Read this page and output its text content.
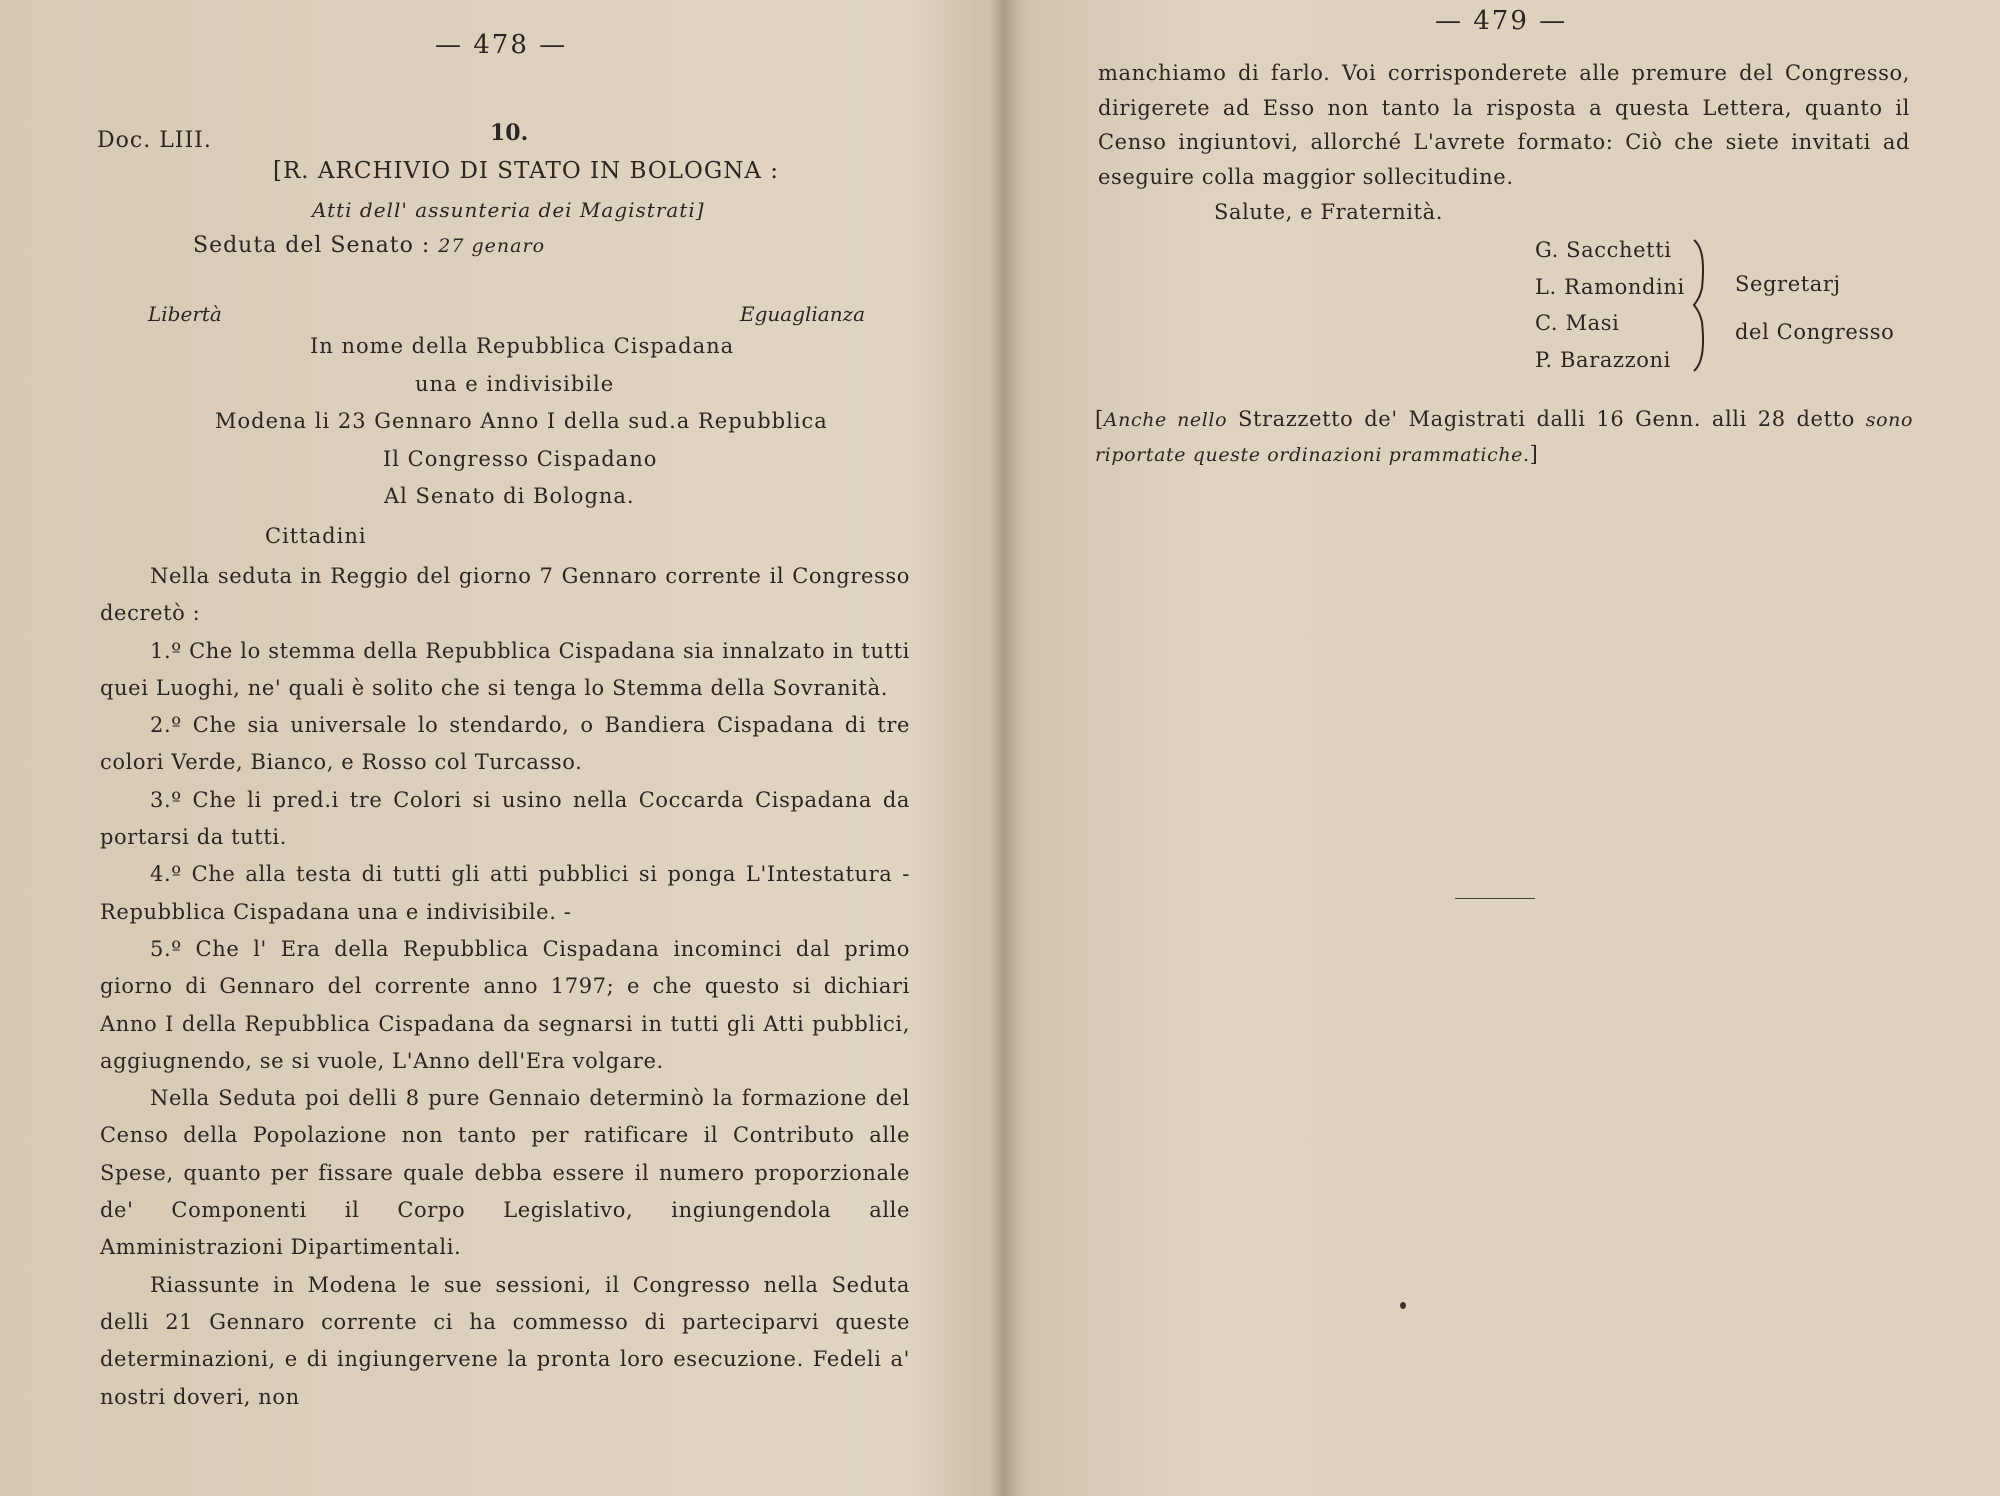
— 478 —
Doc. LIII.	10.
[R. ARCHIVIO DI STATO IN BOLOGNA :
Atti dell' assunteria dei Magistrati]
Seduta del Senato : 27 genaro
Libertà	Eguaglianza
In nome della Repubblica Cispadana
una e indivisibile
Modena li 23 Gennaro Anno I della sud.a Repubblica
Il Congresso Cispadano
Al Senato di Bologna.
Cittadini

Nella seduta in Reggio del giorno 7 Gennaro corrente il Congresso decretò :

1.º Che lo stemma della Repubblica Cispadana sia innalzato in tutti quei Luoghi, ne' quali è solito che si tenga lo Stemma della Sovranità.

2.º Che sia universale lo stendardo, o Bandiera Cispadana di tre colori Verde, Bianco, e Rosso col Turcasso.

3.º Che li pred.i tre Colori si usino nella Coccarda Cispadana da portarsi da tutti.

4.º Che alla testa di tutti gli atti pubblici si ponga L'Intestatura - Repubblica Cispadana una e indivisibile. -

5.º Che l' Era della Repubblica Cispadana incominci dal primo giorno di Gennaro del corrente anno 1797; e che questo si dichiari Anno I della Repubblica Cispadana da segnarsi in tutti gli Atti pubblici, aggiugnendo, se si vuole, L'Anno dell'Era volgare.

Nella Seduta poi delli 8 pure Gennaio determinò la formazione del Censo della Popolazione non tanto per ratificare il Contributo alle Spese, quanto per fissare quale debba essere il numero proporzionale de' Componenti il Corpo Legislativo, ingiungendola alle Amministrazioni Dipartimentali.

Riassunte in Modena le sue sessioni, il Congresso nella Seduta delli 21 Gennaro corrente ci ha commesso di parteciparvi queste determinazioni, e di ingiungervene la pronta loro esecuzione. Fedeli a' nostri doveri, non

— 479 —

manchiamo di farlo. Voi corrisponderete alle premure del Congresso, dirigerete ad Esso non tanto la risposta a questa Lettera, quanto il Censo ingiuntovi, allorché L'avrete formato: Ciò che siete invitati ad eseguire colla maggior sollecitudine.

Salute, e Fraternità.
G. Sacchetti
L. Ramondini
C. Masi
P. Barazzoni
Segretarj
del Congresso

[Anche nello Strazzetto de' Magistrati dalli 16 Genn. alli 28 detto sono riportate queste ordinazioni prammatiche.]
